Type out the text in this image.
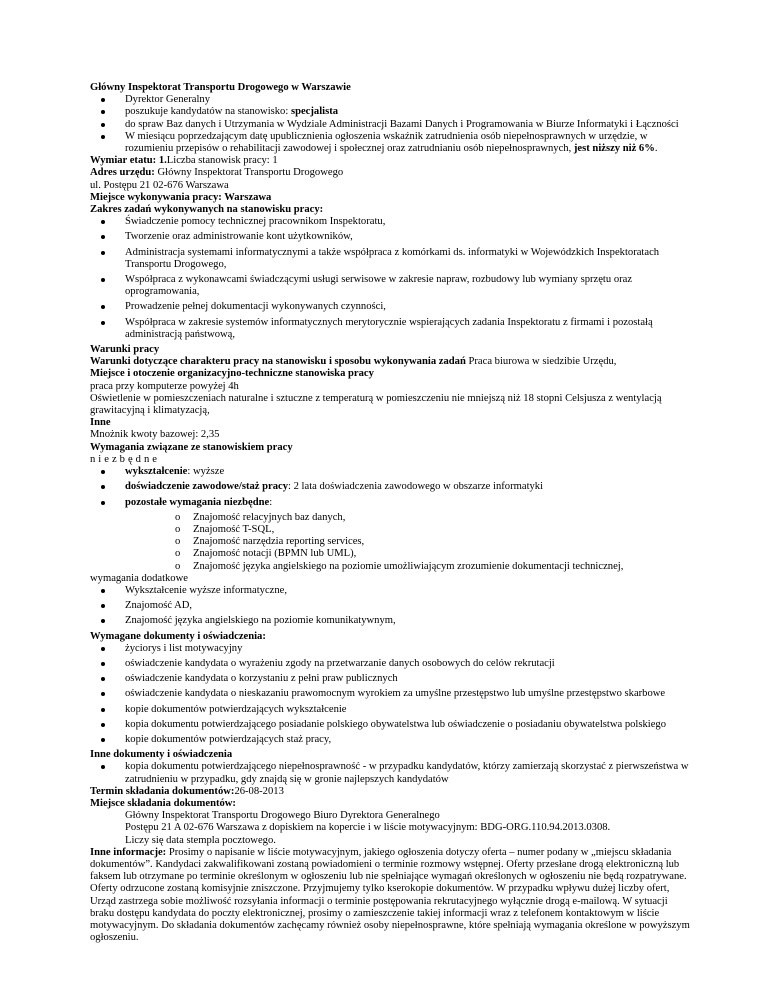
Główny Inspektorat Transportu Drogowego w Warszawie
Dyrektor Generalny
poszukuje kandydatów na stanowisko: specjalista
do spraw Baz danych i Utrzymania w Wydziale Administracji Bazami Danych i Programowania w Biurze Informatyki i Łączności
W miesiącu poprzedzającym datę upublicznienia ogłoszenia wskaźnik zatrudnienia osób niepełnosprawnych w urzędzie, w rozumieniu przepisów o rehabilitacji zawodowej i społecznej oraz zatrudnianiu osób niepełnosprawnych, jest niższy niż 6%.
Wymiar etatu: 1.Liczba stanowisk pracy: 1
Adres urzędu: Główny Inspektorat Transportu Drogowego
ul. Postępu 21 02-676 Warszawa
Miejsce wykonywania pracy: Warszawa
Zakres zadań wykonywanych na stanowisku pracy:
Świadczenie pomocy technicznej pracownikom Inspektoratu,
Tworzenie oraz administrowanie kont użytkowników,
Administracja systemami informatycznymi a także współpraca z komórkami ds. informatyki w Wojewódzkich Inspektoratach Transportu Drogowego,
Współpraca z wykonawcami świadczącymi usługi serwisowe w zakresie napraw, rozbudowy lub wymiany sprzętu oraz oprogramowania,
Prowadzenie pełnej dokumentacji wykonywanych czynności,
Współpraca w zakresie systemów informatycznych merytorycznie wspierających zadania Inspektoratu z firmami i pozostałą administracją państwową,
Warunki pracy
Warunki dotyczące charakteru pracy na stanowisku i sposobu wykonywania zadań Praca biurowa w siedzibie Urzędu,
Miejsce i otoczenie organizacyjno-techniczne stanowiska pracy
praca przy komputerze powyżej 4h
Oświetlenie w pomieszczeniach naturalne i sztuczne z temperaturą w pomieszczeniu nie mniejszą niż 18 stopni Celsjusza z wentylacją grawitacyjną i klimatyzacją,
Inne
Mnożnik kwoty bazowej: 2,35
Wymagania związane ze stanowiskiem pracy
niezbędne
wykształcenie: wyższe
doświadczenie zawodowe/staż pracy: 2 lata doświadczenia zawodowego w obszarze informatyki
pozostałe wymagania niezbędne:
o Znajomość relacyjnych baz danych,
o Znajomość T-SQL,
o Znajomość narzędzia reporting services,
o Znajomość notacji (BPMN lub UML),
o Znajomość języka angielskiego na poziomie umożliwiającym zrozumienie dokumentacji technicznej,
wymagania dodatkowe
Wykształcenie wyższe informatyczne,
Znajomość AD,
Znajomość języka angielskiego na poziomie komunikatywnym,
Wymagane dokumenty i oświadczenia:
życiorys i list motywacyjny
oświadczenie kandydata o wyrażeniu zgody na przetwarzanie danych osobowych do celów rekrutacji
oświadczenie kandydata o korzystaniu z pełni praw publicznych
oświadczenie kandydata o nieskazaniu prawomocnym wyrokiem za umyślne przestępstwo lub umyślne przestępstwo skarbowe
kopie dokumentów potwierdzających wykształcenie
kopia dokumentu potwierdzającego posiadanie polskiego obywatelstwa lub oświadczenie o posiadaniu obywatelstwa polskiego
kopie dokumentów potwierdzających staż pracy,
Inne dokumenty i oświadczenia
kopia dokumentu potwierdzającego niepełnosprawność - w przypadku kandydatów, którzy zamierzają skorzystać z pierwszeństwa w zatrudnieniu w przypadku, gdy znajdą się w gronie najlepszych kandydatów
Termin składania dokumentów:26-08-2013
Miejsce składania dokumentów:
Główny Inspektorat Transportu Drogowego Biuro Dyrektora Generalnego
Postępu 21 A 02-676 Warszawa z dopiskiem na kopercie i w liście motywacyjnym: BDG-ORG.110.94.2013.0308.
Liczy się data stempla pocztowego.
Inne informacje: Prosimy o napisanie w liście motywacyjnym, jakiego ogłoszenia dotyczy oferta – numer podany w „miejscu składania dokumentów”. Kandydaci zakwalifikowani zostaną powiadomieni o terminie rozmowy wstępnej. Oferty przesłane drogą elektroniczną lub faksem lub otrzymane po terminie określonym w ogłoszeniu lub nie spełniające wymagań określonych w ogłoszeniu nie będą rozpatrywane. Oferty odrzucone zostaną komisyjnie zniszczone. Przyjmujemy tylko kserokopie dokumentów. W przypadku wpływu dużej liczby ofert, Urząd zastrzega sobie możliwość rozsyłania informacji o terminie postępowania rekrutacyjnego wyłącznie drogą e-mailową. W sytuacji braku dostępu kandydata do poczty elektronicznej, prosimy o zamieszczenie takiej informacji wraz z telefonem kontaktowym w liście motywacyjnym. Do składania dokumentów zachęcamy również osoby niepełnosprawne, które spełniają wymagania określone w powyższym ogłoszeniu.
